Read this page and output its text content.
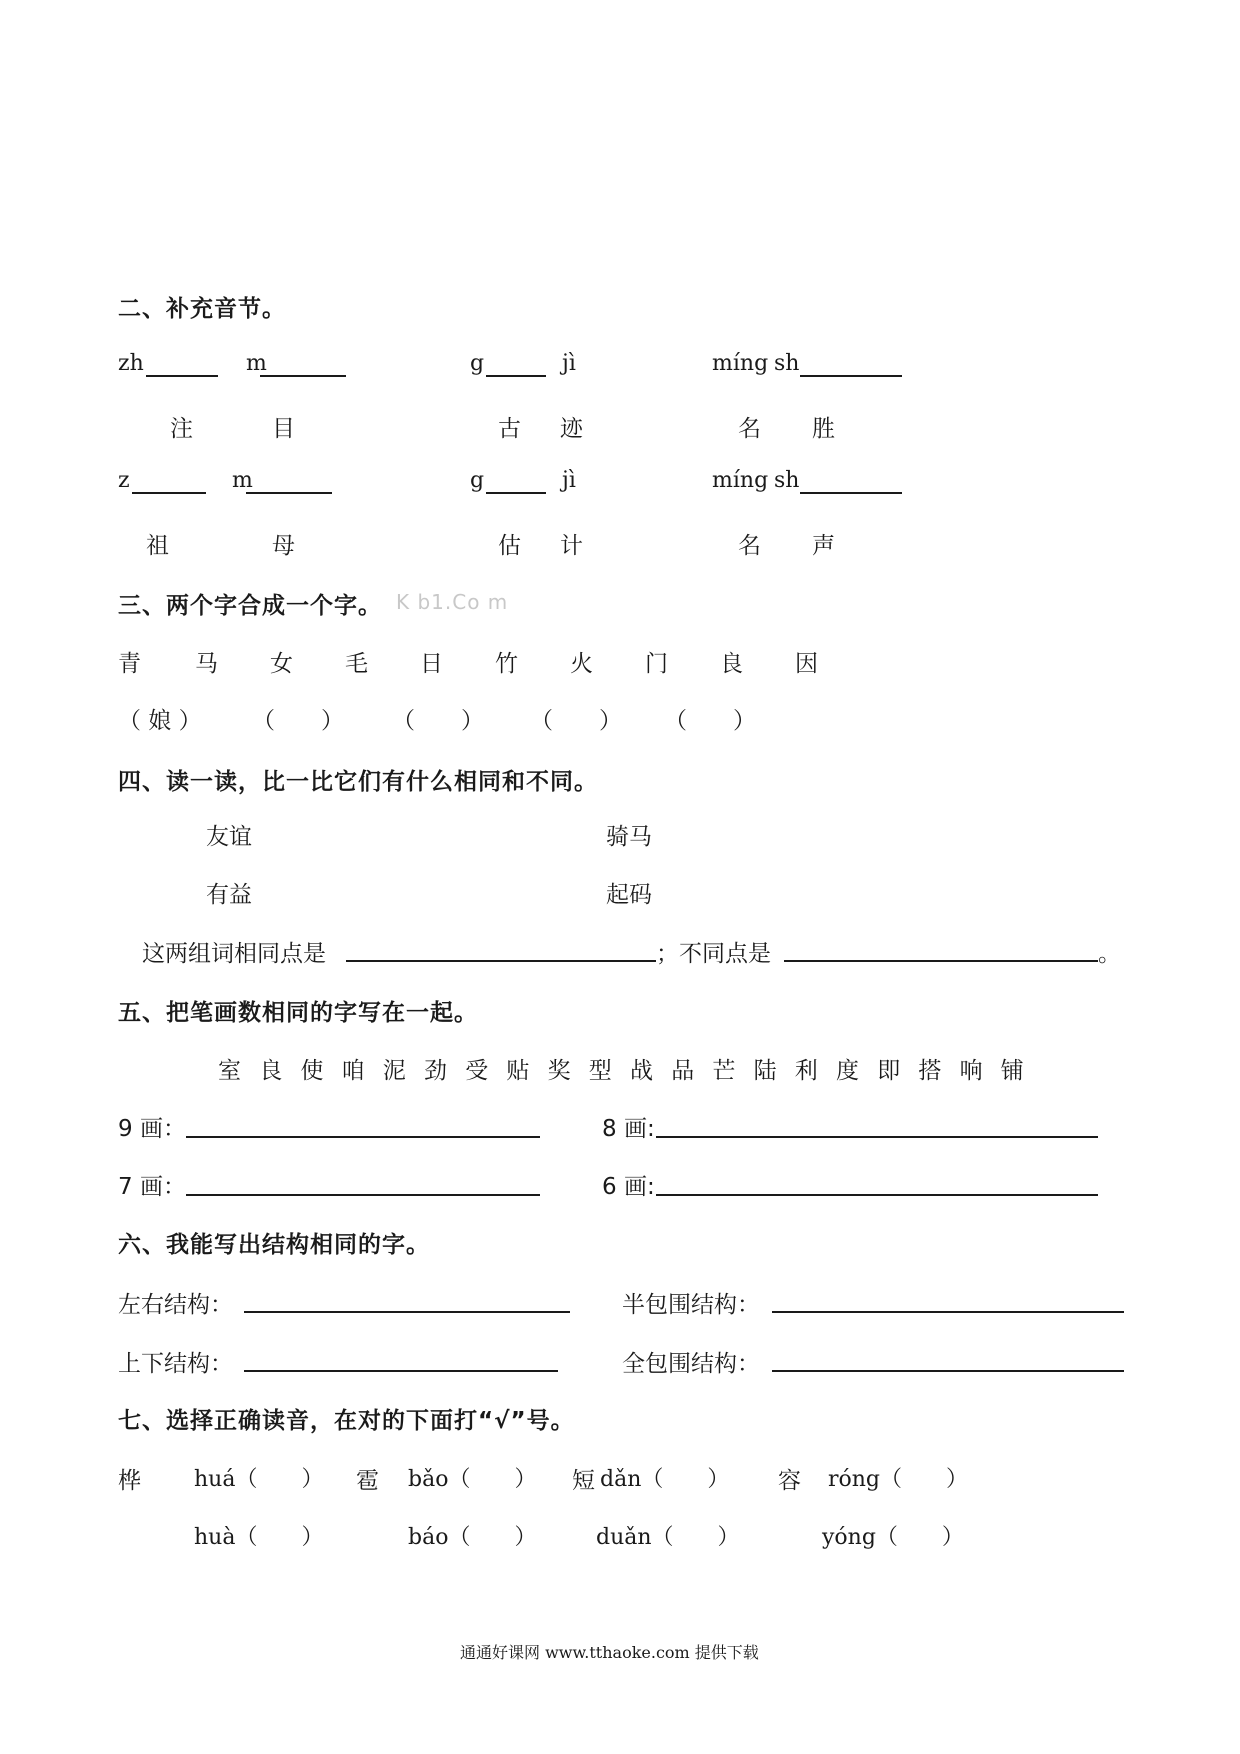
二、补充音节。
zh	m	g	jì	míng sh
注	目	古 迹	名 胜
z	m	g	jì	míng sh
祖	母	估 计	名 声
三、两个字合成一个字。 K b1.Co m
青 马 女 毛 日 竹 火 门 良 因
（ 娘 ） （　　） （　　） （　　） （　　）
四、读一读，比一比它们有什么相同和不同。
友谊	骑马
有益	起码
这两组词相同点是	；不同点是	。
五、把笔画数相同的字写在一起。
室 良 使 咱 泥 劲 受 贴 奖 型 战 品 芒 陆 利 度 即 搭 响 铺
9 画：	8 画:
7 画：	6 画:
六、我能写出结构相同的字。
左右结构：	半包围结构：
上下结构：	全包围结构：
七、选择正确读音，在对的下面打“√”号。
桦 huá（　　） 雹 bǎo（　　） 短 dǎn（　　） 容 róng（　　）
huà（　　）	báo（　　）	duǎn（　　）	yóng（　　）
通通好课网 www.tthaoke.com 提供下载
